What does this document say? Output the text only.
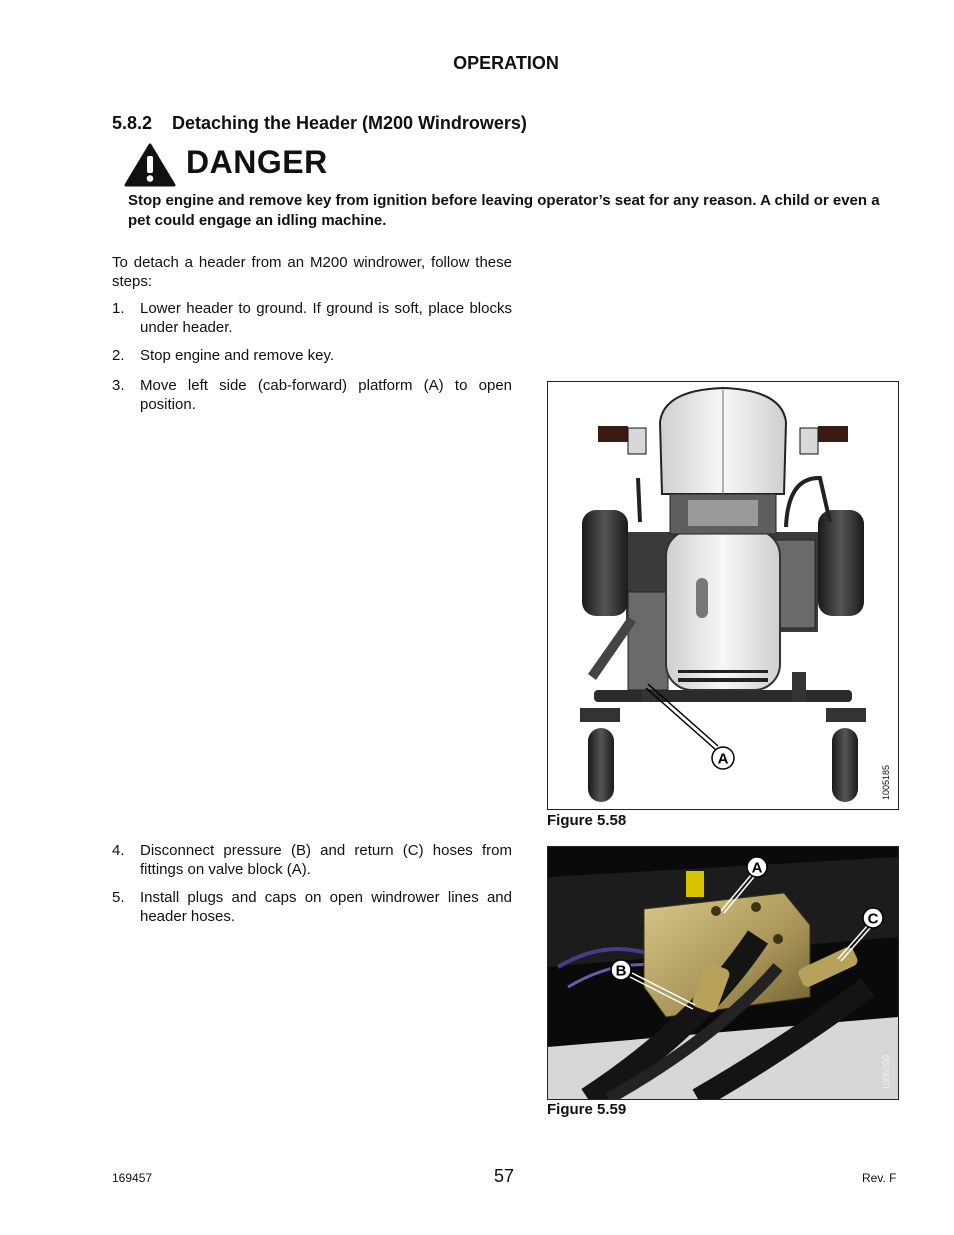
OPERATION
5.8.2 Detaching the Header (M200 Windrowers)
DANGER
Stop engine and remove key from ignition before leaving operator’s seat for any reason. A child or even a pet could engage an idling machine.
To detach a header from an M200 windrower, follow these steps:
1.	Lower header to ground. If ground is soft, place blocks under header.
2.	Stop engine and remove key.
3.	Move left side (cab-forward) platform (A) to open position.
4.	Disconnect pressure (B) and return (C) hoses from fittings on valve block (A).
5.	Install plugs and caps on open windrower lines and header hoses.
A
1005185
Figure 5.58
A
B
C
1005200
Figure 5.59
169457	57	Rev. F
